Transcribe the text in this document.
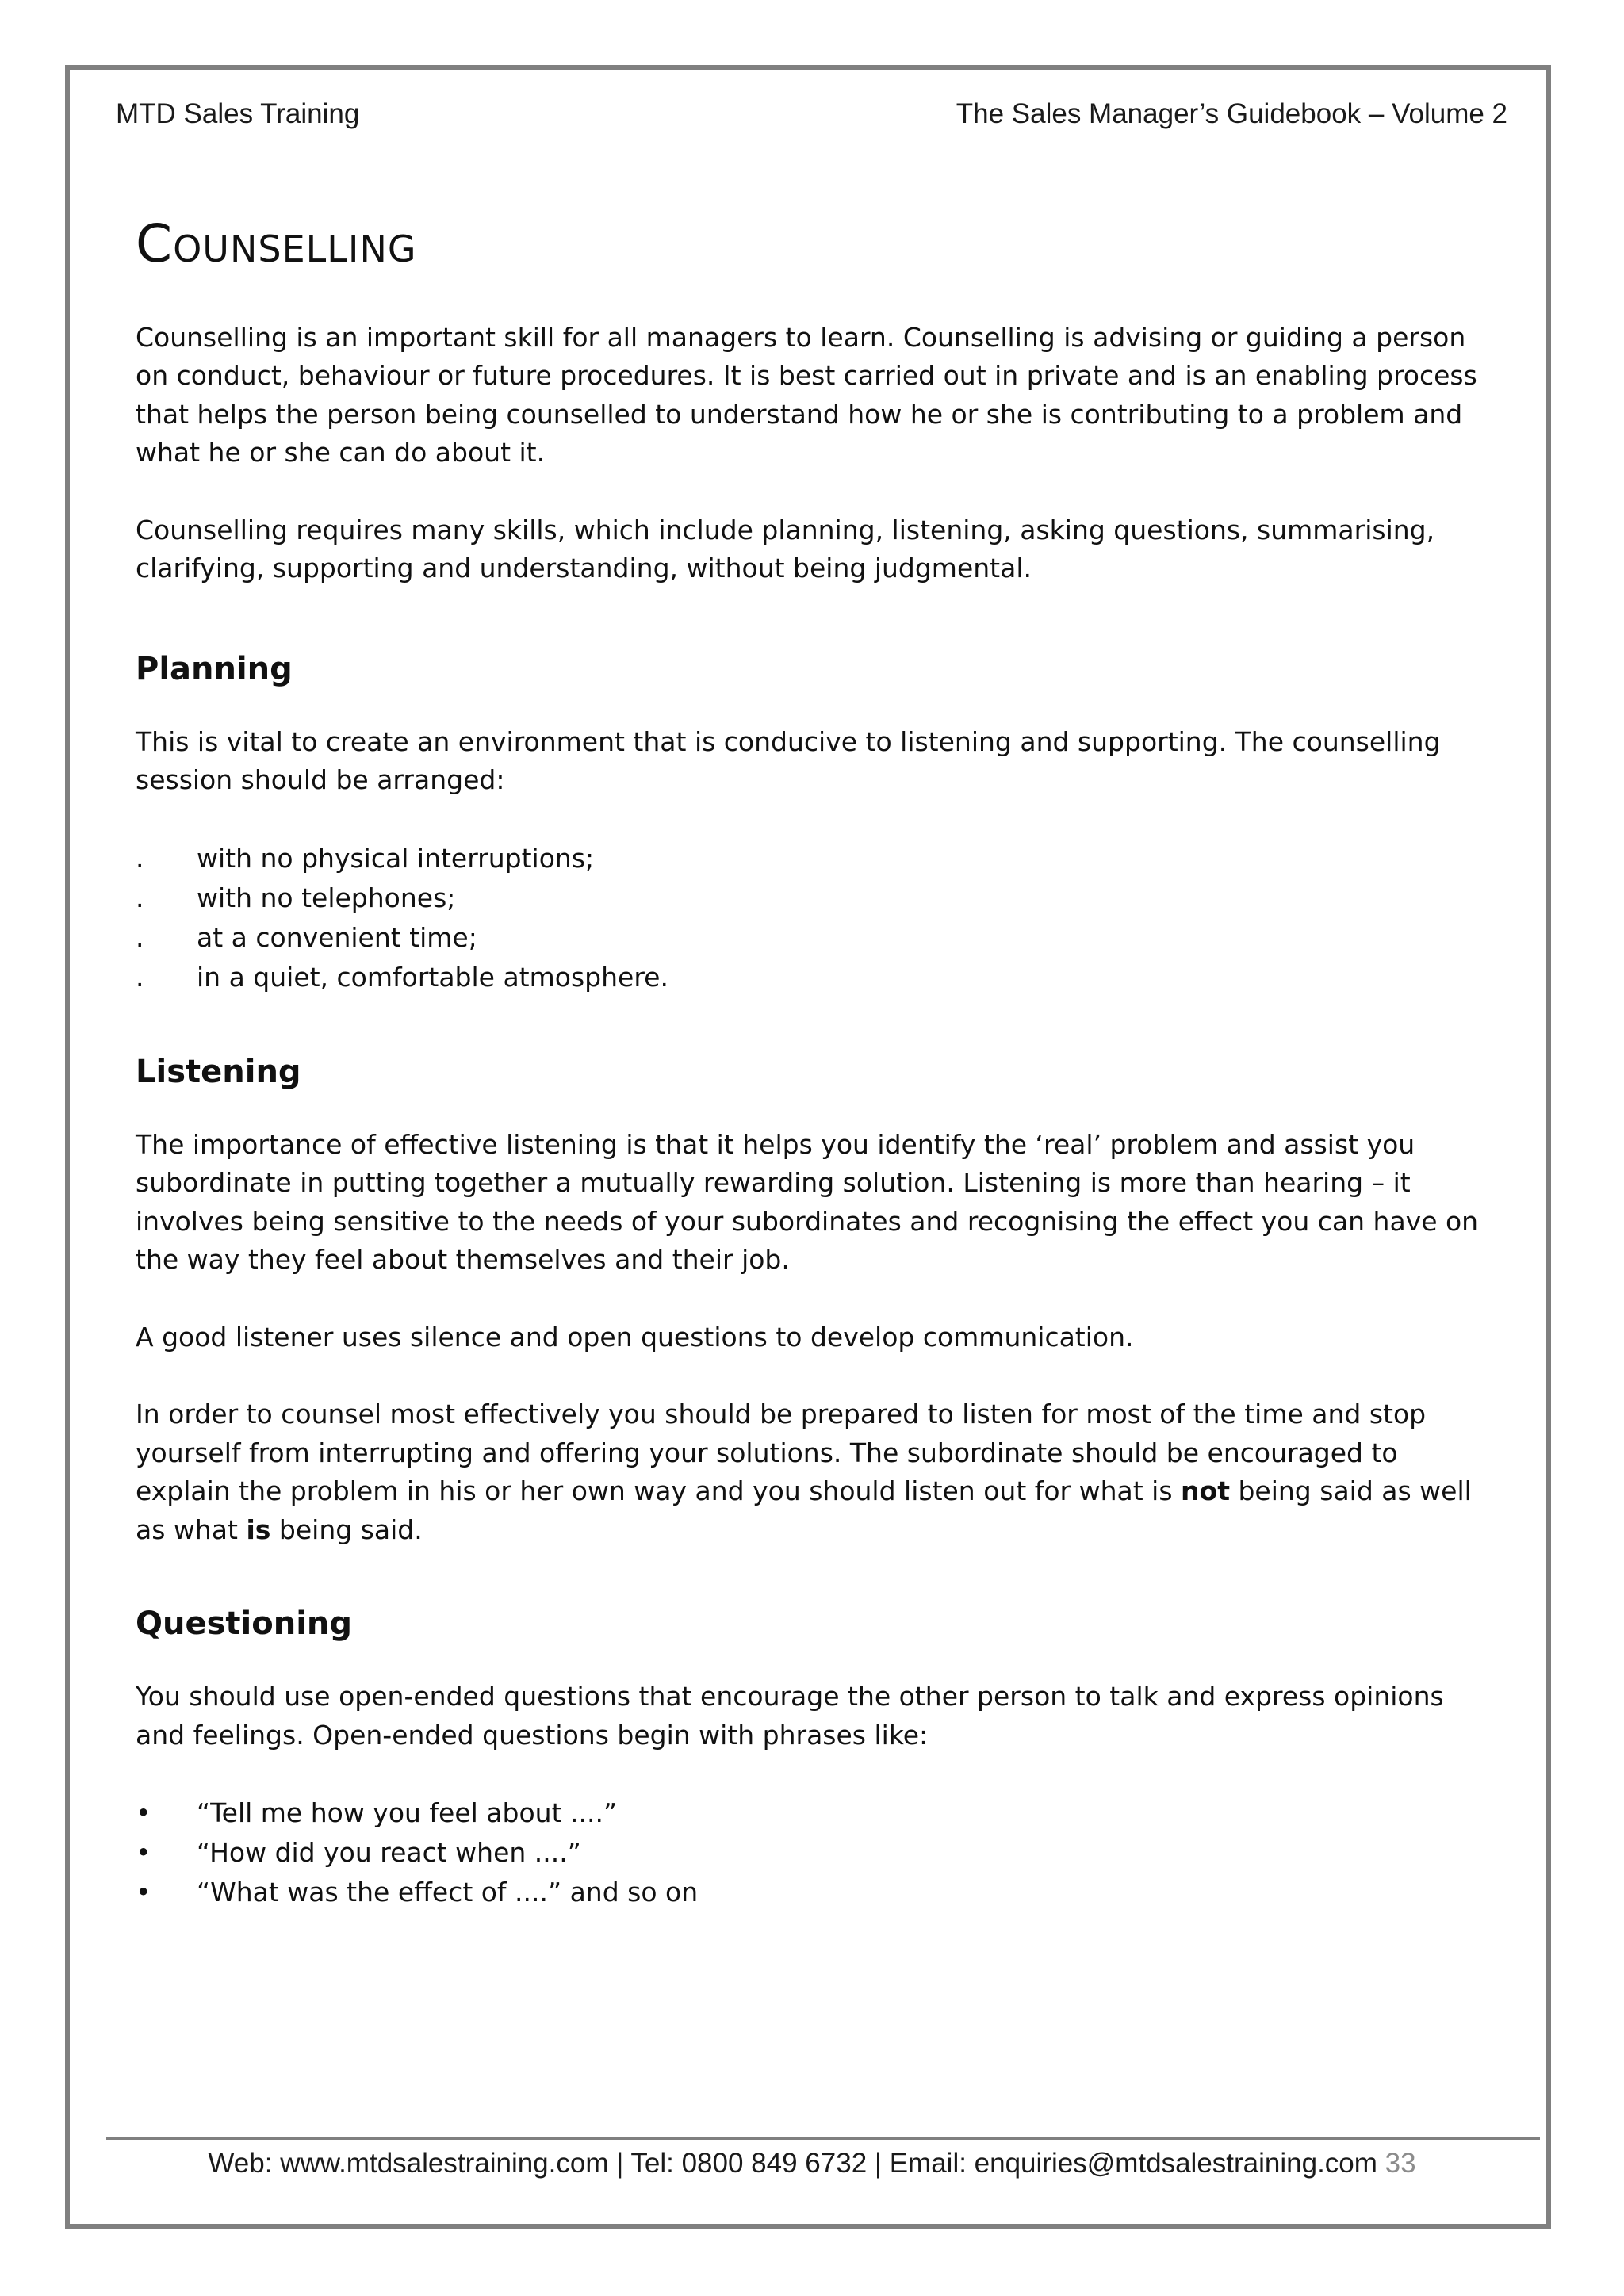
MTD Sales Training	The Sales Manager’s Guidebook – Volume 2
Counselling

Counselling is an important skill for all managers to learn. Counselling is advising or guiding a person on conduct, behaviour or future procedures. It is best carried out in private and is an enabling process that helps the person being counselled to understand how he or she is contributing to a problem and what he or she can do about it.

Counselling requires many skills, which include planning, listening, asking questions, summarising, clarifying, supporting and understanding, without being judgmental.

Planning

This is vital to create an environment that is conducive to listening and supporting. The counselling session should be arranged:

.	with no physical interruptions;
.	with no telephones;
.	at a convenient time;
.	in a quiet, comfortable atmosphere.
Listening

The importance of effective listening is that it helps you identify the ‘real’ problem and assist you subordinate in putting together a mutually rewarding solution. Listening is more than hearing – it involves being sensitive to the needs of your subordinates and recognising the effect you can have on the way they feel about themselves and their job.

A good listener uses silence and open questions to develop communication.

In order to counsel most effectively you should be prepared to listen for most of the time and stop yourself from interrupting and offering your solutions. The subordinate should be encouraged to explain the problem in his or her own way and you should listen out for what is not being said as well as what is being said.

Questioning

You should use open-ended questions that encourage the other person to talk and express opinions and feelings. Open-ended questions begin with phrases like:

•	“Tell me how you feel about ....”
•	“How did you react when ....”
•	“What was the effect of ....” and so on
Web: www.mtdsalestraining.com | Tel: 0800 849 6732 | Email: enquiries@mtdsalestraining.com 33
